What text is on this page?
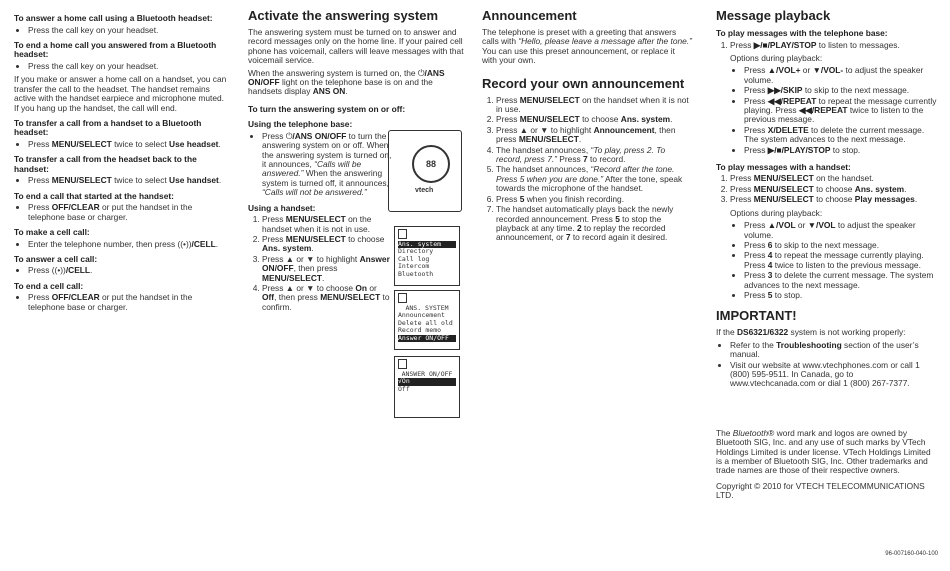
To answer a home call using a Bluetooth headset:
• Press the call key on your headset.
To end a home call you answered from a Bluetooth headset:
• Press the call key on your headset.

If you make or answer a home call on a handset, you can transfer the call to the headset. The handset remains active with the handset earpiece and microphone muted. If you hang up the handset, the call will end.

To transfer a call from a handset to a Bluetooth headset:
• Press MENU/SELECT twice to select Use headset.
To transfer a call from the headset back to the handset:
• Press MENU/SELECT twice to select Use handset.
To end a call that started at the handset:
• Press OFF/CLEAR or put the handset in the telephone base or charger.
To make a cell call:
• Enter the telephone number, then press ((•))/CELL.
To answer a cell call:
• Press ((•))/CELL.
To end a cell call:
• Press OFF/CLEAR or put the handset in the telephone base or charger.
Activate the answering system

The answering system must be turned on to answer and record messages only on the home line. If your paired cell phone has voicemail, callers will leave messages with that voicemail service.

When the answering system is turned on, the ⏻/ANS ON/OFF light on the telephone base is on and the handsets display ANS ON.

To turn the answering system on or off:
Using the telephone base:
• Press ⏻/ANS ON/OFF to turn the answering system on or off. When the answering system is turned on, it announces, “Calls will be answered.” When the answering system is turned off, it announces, “Calls will not be answered.”
Using a handset:
1. Press MENU/SELECT on the handset when it is not in use.
2. Press MENU/SELECT to choose Ans. system.
3. Press ▲ or ▼ to highlight Answer ON/OFF, then press MENU/SELECT.
4. Press ▲ or ▼ to choose On or Off, then press MENU/SELECT to confirm.
88
vtech
Ans. system
Directory
Call log
Intercom
Bluetooth
ANS. SYSTEM
Announcement
Delete all old
Record memo
Answer ON/OFF
ANSWER ON/OFF
√On
Off
Announcement

The telephone is preset with a greeting that answers calls with “Hello, please leave a message after the tone.” You can use this preset announcement, or replace it with your own.

Record your own announcement
1. Press MENU/SELECT on the handset when it is not in use.
2. Press MENU/SELECT to choose Ans. system.
3. Press ▲ or ▼ to highlight Announcement, then press MENU/SELECT.
4. The handset announces, “To play, press 2. To record, press 7.” Press 7 to record.
5. The handset announces, “Record after the tone. Press 5 when you are done.” After the tone, speak towards the microphone of the handset.
6. Press 5 when you finish recording.
7. The handset automatically plays back the newly recorded announcement. Press 5 to stop the playback at any time. 2 to replay the recorded announcement, or 7 to record again it desired.
Message playback
To play messages with the telephone base:
1. Press ▶/■/PLAY/STOP to listen to messages.

Options during playback:

• Press ▲/VOL+ or ▼/VOL- to adjust the speaker volume.
• Press ▶▶/SKIP to skip to the next message.
• Press ◀◀/REPEAT to repeat the message currently playing. Press ◀◀/REPEAT twice to listen to the previous message.
• Press X/DELETE to delete the current message. The system advances to the next message.
• Press ▶/■/PLAY/STOP to stop.
To play messages with a handset:
1. Press MENU/SELECT on the handset.
2. Press MENU/SELECT to choose Ans. system.
3. Press MENU/SELECT to choose Play messages.

Options during playback:

• Press ▲/VOL or ▼/VOL to adjust the speaker volume.
• Press 6 to skip to the next message.
• Press 4 to repeat the message currently playing. Press 4 twice to listen to the previous message.
• Press 3 to delete the current message. The system advances to the next message.
• Press 5 to stop.
IMPORTANT!

If the DS6321/6322 system is not working properly:

• Refer to the Troubleshooting section of the user’s manual.
• Visit our website at www.vtechphones.com or call 1 (800) 595-9511. In Canada, go to www.vtechcanada.com or dial 1 (800) 267-7377.

The Bluetooth® word mark and logos are owned by Bluetooth SIG, Inc. and any use of such marks by VTech Holdings Limited is under license. VTech Holdings Limited is a member of Bluetooth SIG, Inc. Other trademarks and trade names are those of their respective owners.

Copyright © 2010 for VTECH TELECOMMUNICATIONS LTD.

96-007160-040-100
